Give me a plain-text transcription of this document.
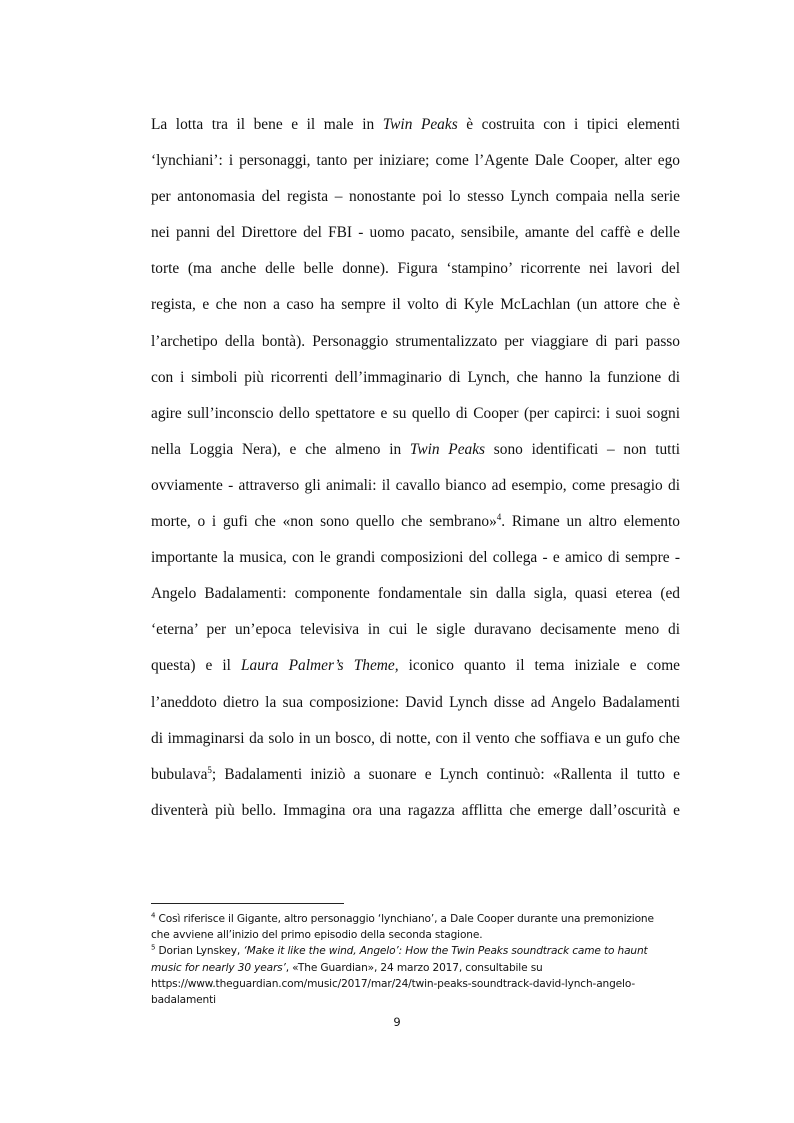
La lotta tra il bene e il male in Twin Peaks è costruita con i tipici elementi
‘lynchiani’: i personaggi, tanto per iniziare; come l’Agente Dale Cooper, alter ego
per antonomasia del regista – nonostante poi lo stesso Lynch compaia nella serie
nei panni del Direttore del FBI - uomo pacato, sensibile, amante del caffè e delle
torte (ma anche delle belle donne). Figura ‘stampino’ ricorrente nei lavori del
regista, e che non a caso ha sempre il volto di Kyle McLachlan (un attore che è
l’archetipo della bontà). Personaggio strumentalizzato per viaggiare di pari passo
con i simboli più ricorrenti dell’immaginario di Lynch, che hanno la funzione di
agire sull’inconscio dello spettatore e su quello di Cooper (per capirci: i suoi sogni
nella Loggia Nera), e che almeno in Twin Peaks sono identificati – non tutti
ovviamente - attraverso gli animali: il cavallo bianco ad esempio, come presagio di
morte, o i gufi che «non sono quello che sembrano»$^4$. Rimane un altro elemento
importante la musica, con le grandi composizioni del collega - e amico di sempre -
Angelo Badalamenti: componente fondamentale sin dalla sigla, quasi eterea (ed
‘eterna’ per un’epoca televisiva in cui le sigle duravano decisamente meno di
questa) e il Laura Palmer’s Theme, iconico quanto il tema iniziale e come
l’aneddoto dietro la sua composizione: David Lynch disse ad Angelo Badalamenti
di immaginarsi da solo in un bosco, di notte, con il vento che soffiava e un gufo che
bubulava$^5$; Badalamenti iniziò a suonare e Lynch continuò: «Rallenta il tutto e
diventerà più bello. Immagina ora una ragazza afflitta che emerge dall’oscurità e
$^4$ Così riferisce il Gigante, altro personaggio ‘lynchiano’, a Dale Cooper durante una premonizione
che avviene all’inizio del primo episodio della seconda stagione.
$^5$ Dorian Lynskey, ‘Make it like the wind, Angelo’: How the Twin Peaks soundtrack came to haunt
music for nearly 30 years’, «The Guardian», 24 marzo 2017, consultabile su
https://www.theguardian.com/music/2017/mar/24/twin-peaks-soundtrack-david-lynch-angelo-
badalamenti
9
